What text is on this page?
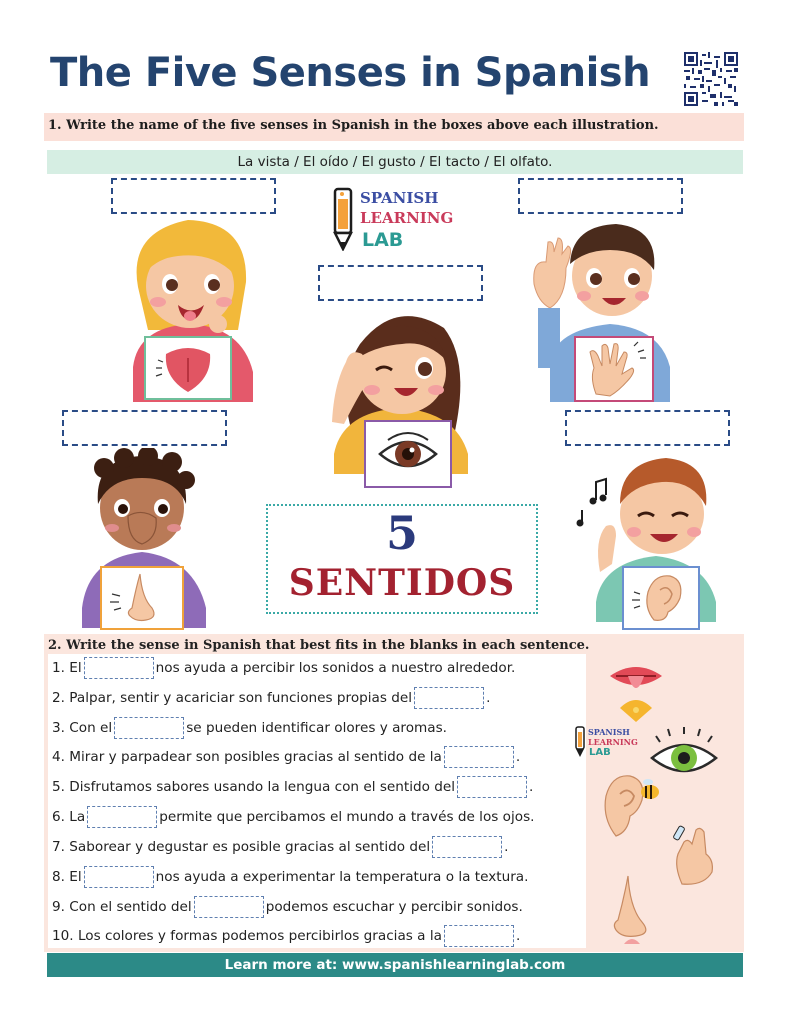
The Five Senses in Spanish
1. Write the name of the five senses in Spanish in the boxes above each illustration.
La vista / El oído / El gusto / El tacto / El olfato.
SPANISH
LEARNING
LAB
5
SENTIDOS
2. Write the sense in Spanish that best fits in the blanks in each sentence.
1. El	nos ayuda a percibir los sonidos a nuestro alrededor.
2. Palpar, sentir y acariciar son funciones propias del	.
3. Con el	se pueden identificar olores y aromas.
4. Mirar y parpadear son posibles gracias al sentido de la	.
5. Disfrutamos sabores usando la lengua con el sentido del	.
6. La	permite que percibamos el mundo a través de los ojos.
7. Saborear y degustar es posible gracias al sentido del	.
8. El	nos ayuda a experimentar la temperatura o la textura.
9. Con el sentido del	podemos escuchar y percibir sonidos.
10. Los colores y formas podemos percibirlos gracias a la	.
SPANISH
LEARNING
LAB
Learn more at: www.spanishlearninglab.com
